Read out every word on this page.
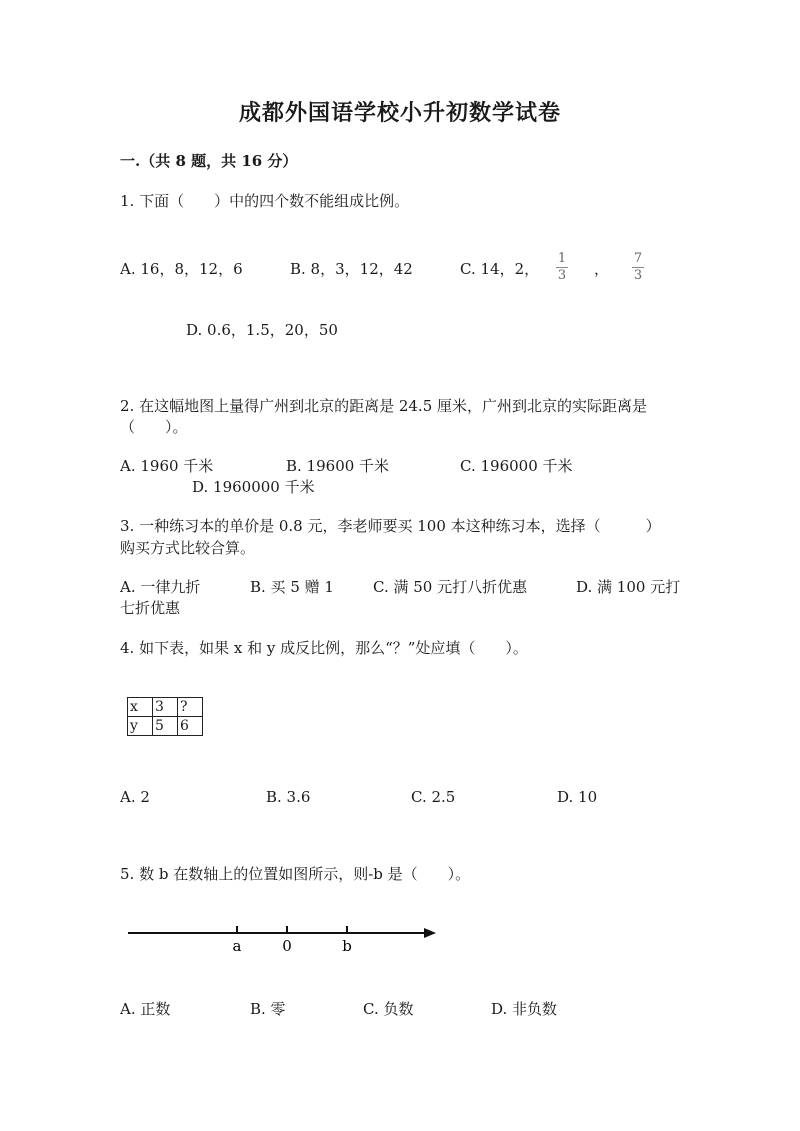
成都外国语学校小升初数学试卷
一.（共 8 题，共 16 分）
1. 下面（　　）中的四个数不能组成比例。
A. 16，8，12，6	B. 8，3，12，42	C. 14，2，
1
3 ，
7
3
D. 0.6，1.5，20，50
2. 在这幅地图上量得广州到北京的距离是 24.5 厘米，广州到北京的实际距离是
（　　）。
A. 1960 千米	B. 19600 千米	C. 196000 千米
D. 1960000 千米
3. 一种练习本的单价是 0.8 元，李老师要买 100 本这种练习本，选择（　　　）
购买方式比较合算。
A. 一律九折	B. 买 5 赠 1	C. 满 50 元打八折优惠	D. 满 100 元打
七折优惠
4. 如下表，如果 x 和 y 成反比例，那么“？”处应填（　　）。
x	3	?
y	5	6
A. 2	B. 3.6	C. 2.5	D. 10
5. 数 b 在数轴上的位置如图所示，则-b 是（　　）。
a	0	b
A. 正数	B. 零	C. 负数	D. 非负数
